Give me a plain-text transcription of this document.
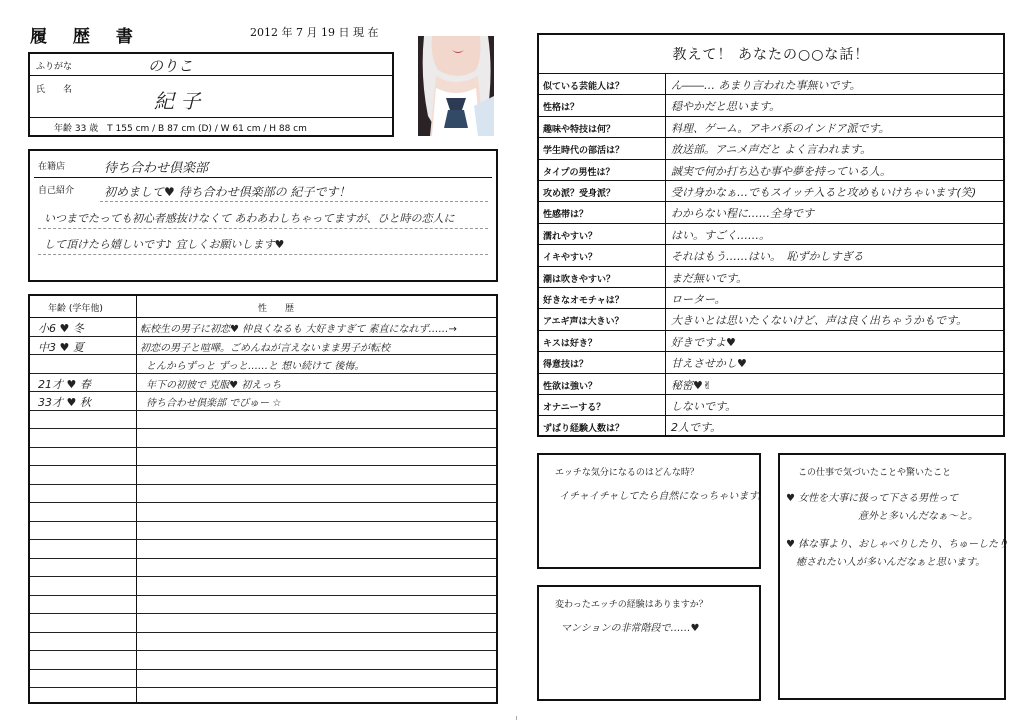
履 歴 書	2012 年 7 月 19 日 現 在
ふりがな	のりこ
氏　　名	紀 子
年齢 33 歳　T 155 cm / B 87 cm (D) / W 61 cm / H 88 cm
在籍店	待ち合わせ倶楽部
自己紹介 初めまして♥ 待ち合わせ倶楽部の 紀子です！
いつまでたっても初心者感抜けなくて あわあわしちゃってますが、ひと時の恋人に
して頂けたら嬉しいです♪ 宜しくお願いします♥
年齢 (学年他)	性　　歴
小6 ♥ 冬	転校生の男子に初恋♥ 仲良くなるも 大好きすぎて 素直になれず……→
中3 ♥ 夏	初恋の男子と喧嘩。ごめんねが言えないまま男子が転校
とんからずっと ずっと……と 想い続けて 後悔。
21才 ♥ 春	年下の初彼で 克服♥ 初えっち
33才 ♥ 秋	待ち合わせ倶楽部 でびゅー ☆
教えて！ あなたの○○な話！
似ている芸能人は？	ん――… あまり言われた事無いです。
性格は？	穏やかだと思います。
趣味や特技は何？	料理、ゲーム。アキバ系のインドア派です。
学生時代の部活は？	放送部。アニメ声だと よく言われます。
タイプの男性は？	誠実で何か打ち込む事や夢を持っている人。
攻め派？受身派？	受け身かなぁ…でもスイッチ入ると攻めもいけちゃいます(笑)
性感帯は？	わからない程に……全身です
濡れやすい？	はい。すごく……。
イキやすい？	それはもう……はい。　恥ずかしすぎる
潮は吹きやすい？	まだ無いです。
好きなオモチャは？	ローター。
アエギ声は大きい？	大きいとは思いたくないけど、声は良く出ちゃうかもです。
キスは好き？	好きですよ♥
得意技は？	甘えさせかし♥
性欲は強い？	秘密♥✌
オナニーする？	しないです。
ずばり経験人数は？	2人です。
エッチな気分になるのはどんな時？
イチャイチャしてたら自然になっちゃいます。
この仕事で気づいたことや驚いたこと
♥ 女性を大事に扱って下さる男性って
意外と多いんだなぁ～と。
♥ 体な事より、おしゃべりしたり、ちゅーしたり
癒されたい人が多いんだなぁと思います。
変わったエッチの経験はありますか？
マンションの非常階段で……♥
